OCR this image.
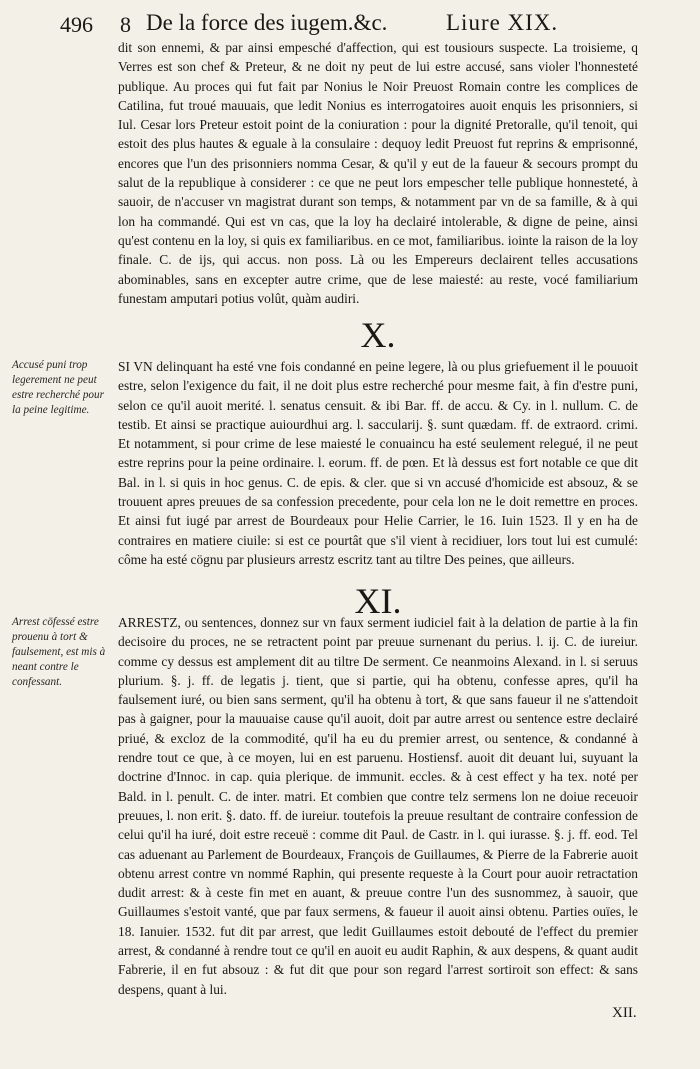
496 8 De la force des iugem.&c.	Liure XIX.

dit son ennemi, & par ainsi empesché d'affection, qui est tousiours suspecte. La troisieme, q Verres est son chef & Preteur, & ne doit ny peut de lui estre accusé, sans violer l'honnesteté publique. Au proces qui fut fait par Nonius le Noir Preuost Romain contre les complices de Catilina, fut troué mauuais, que ledit Nonius es interrogatoires auoit enquis les prisonniers, si Iul. Cesar lors Preteur estoit point de la coniuration : pour la dignité Pretoralle, qu'il tenoit, qui estoit des plus hautes & eguale à la consulaire : dequoy ledit Preuost fut reprins & emprisonné, encores que l'un des prisonniers nomma Cesar, & qu'il y eut de la faueur & secours prompt du salut de la republique à considerer : ce que ne peut lors empescher telle publique honnesteté, à sauoir, de n'accuser vn magistrat durant son temps, & notamment par vn de sa famille, & à qui lon ha commandé. Qui est vn cas, que la loy ha declairé intolerable, & digne de peine, ainsi qu'est contenu en la loy, si quis ex familiaribus. en ce mot, familiaribus. iointe la raison de la loy finale. C. de ijs, qui accus. non poss. Là ou les Empereurs declairent telles accusations abominables, sans en excepter autre crime, que de lese maiesté: au reste, vocé familiarium funestam amputari potius volût, quàm audiri.

X.
Accusé puni trop legerement ne peut estre recherché pour la peine legitime.

SI VN delinquant ha esté vne fois condanné en peine legere, là ou plus griefuement il le pouuoit estre, selon l'exigence du fait, il ne doit plus estre recherché pour mesme fait, à fin d'estre puni, selon ce qu'il auoit merité. l. senatus censuit. & ibi Bar. ff. de accu. & Cy. in l. nullum. C. de testib. Et ainsi se practique auiourdhui arg. l. saccularij. §. sunt quædam. ff. de extraord. crimi. Et notamment, si pour crime de lese maiesté le conuaincu ha esté seulement relegué, il ne peut estre reprins pour la peine ordinaire. l. eorum. ff. de pœn. Et là dessus est fort notable ce que dit Bal. in l. si quis in hoc genus. C. de epis. & cler. que si vn accusé d'homicide est absouz, & se trouuent apres preuues de sa confession precedente, pour cela lon ne le doit remettre en proces. Et ainsi fut iugé par arrest de Bourdeaux pour Helie Carrier, le 16. Iuin 1523. Il y en ha de contraires en matiere ciuile: si est ce pourtât que s'il vient à recidiuer, lors tout lui est cumulé: côme ha esté cögnu par plusieurs arrestz escritz tant au tiltre Des peines, que ailleurs.

XI.
Arrest cöfessé estre prouenu à tort & faulsement, est mis à neant contre le confessant.

ARRESTZ, ou sentences, donnez sur vn faux serment iudiciel fait à la delation de partie à la fin decisoire du proces, ne se retractent point par preuue surnenant du perius. l. ij. C. de iureiur. comme cy dessus est amplement dit au tiltre De serment. Ce neanmoins Alexand. in l. si seruus plurium. §. j. ff. de legatis j. tient, que si partie, qui ha obtenu, confesse apres, qu'il ha faulsement iuré, ou bien sans serment, qu'il ha obtenu à tort, & que sans faueur il ne s'attendoit pas à gaigner, pour la mauuaise cause qu'il auoit, doit par autre arrest ou sentence estre declairé priué, & excloz de la commodité, qu'il ha eu du premier arrest, ou sentence, & condanné à rendre tout ce que, à ce moyen, lui en est paruenu. Hostiensf. auoit dit deuant lui, suyuant la doctrine d'Innoc. in cap. quia plerique. de immunit. eccles. & à cest effect y ha tex. noté per Bald. in l. penult. C. de inter. matri. Et combien que contre telz sermens lon ne doiue receuoir preuues, l. non erit. §. dato. ff. de iureiur. toutefois la preuue resultant de contraire confession de celui qu'il ha iuré, doit estre receuë : comme dit Paul. de Castr. in l. qui iurasse. §. j. ff. eod. Tel cas aduenant au Parlement de Bourdeaux, François de Guillaumes, & Pierre de la Fabrerie auoit obtenu arrest contre vn nommé Raphin, qui presente requeste à la Court pour auoir retractation dudit arrest: & à ceste fin met en auant, & preuue contre l'un des susnommez, à sauoir, que Guillaumes s'estoit vanté, que par faux sermens, & faueur il auoit ainsi obtenu. Parties ouïes, le 18. Ianuier. 1532. fut dit par arrest, que ledit Guillaumes estoit debouté de l'effect du premier arrest, & condanné à rendre tout ce qu'il en auoit eu audit Raphin, & aux despens, & quant audit Fabrerie, il en fut absouz : & fut dit que pour son regard l'arrest sortiroit son effect: & sans despens, quant à lui.

XII.
